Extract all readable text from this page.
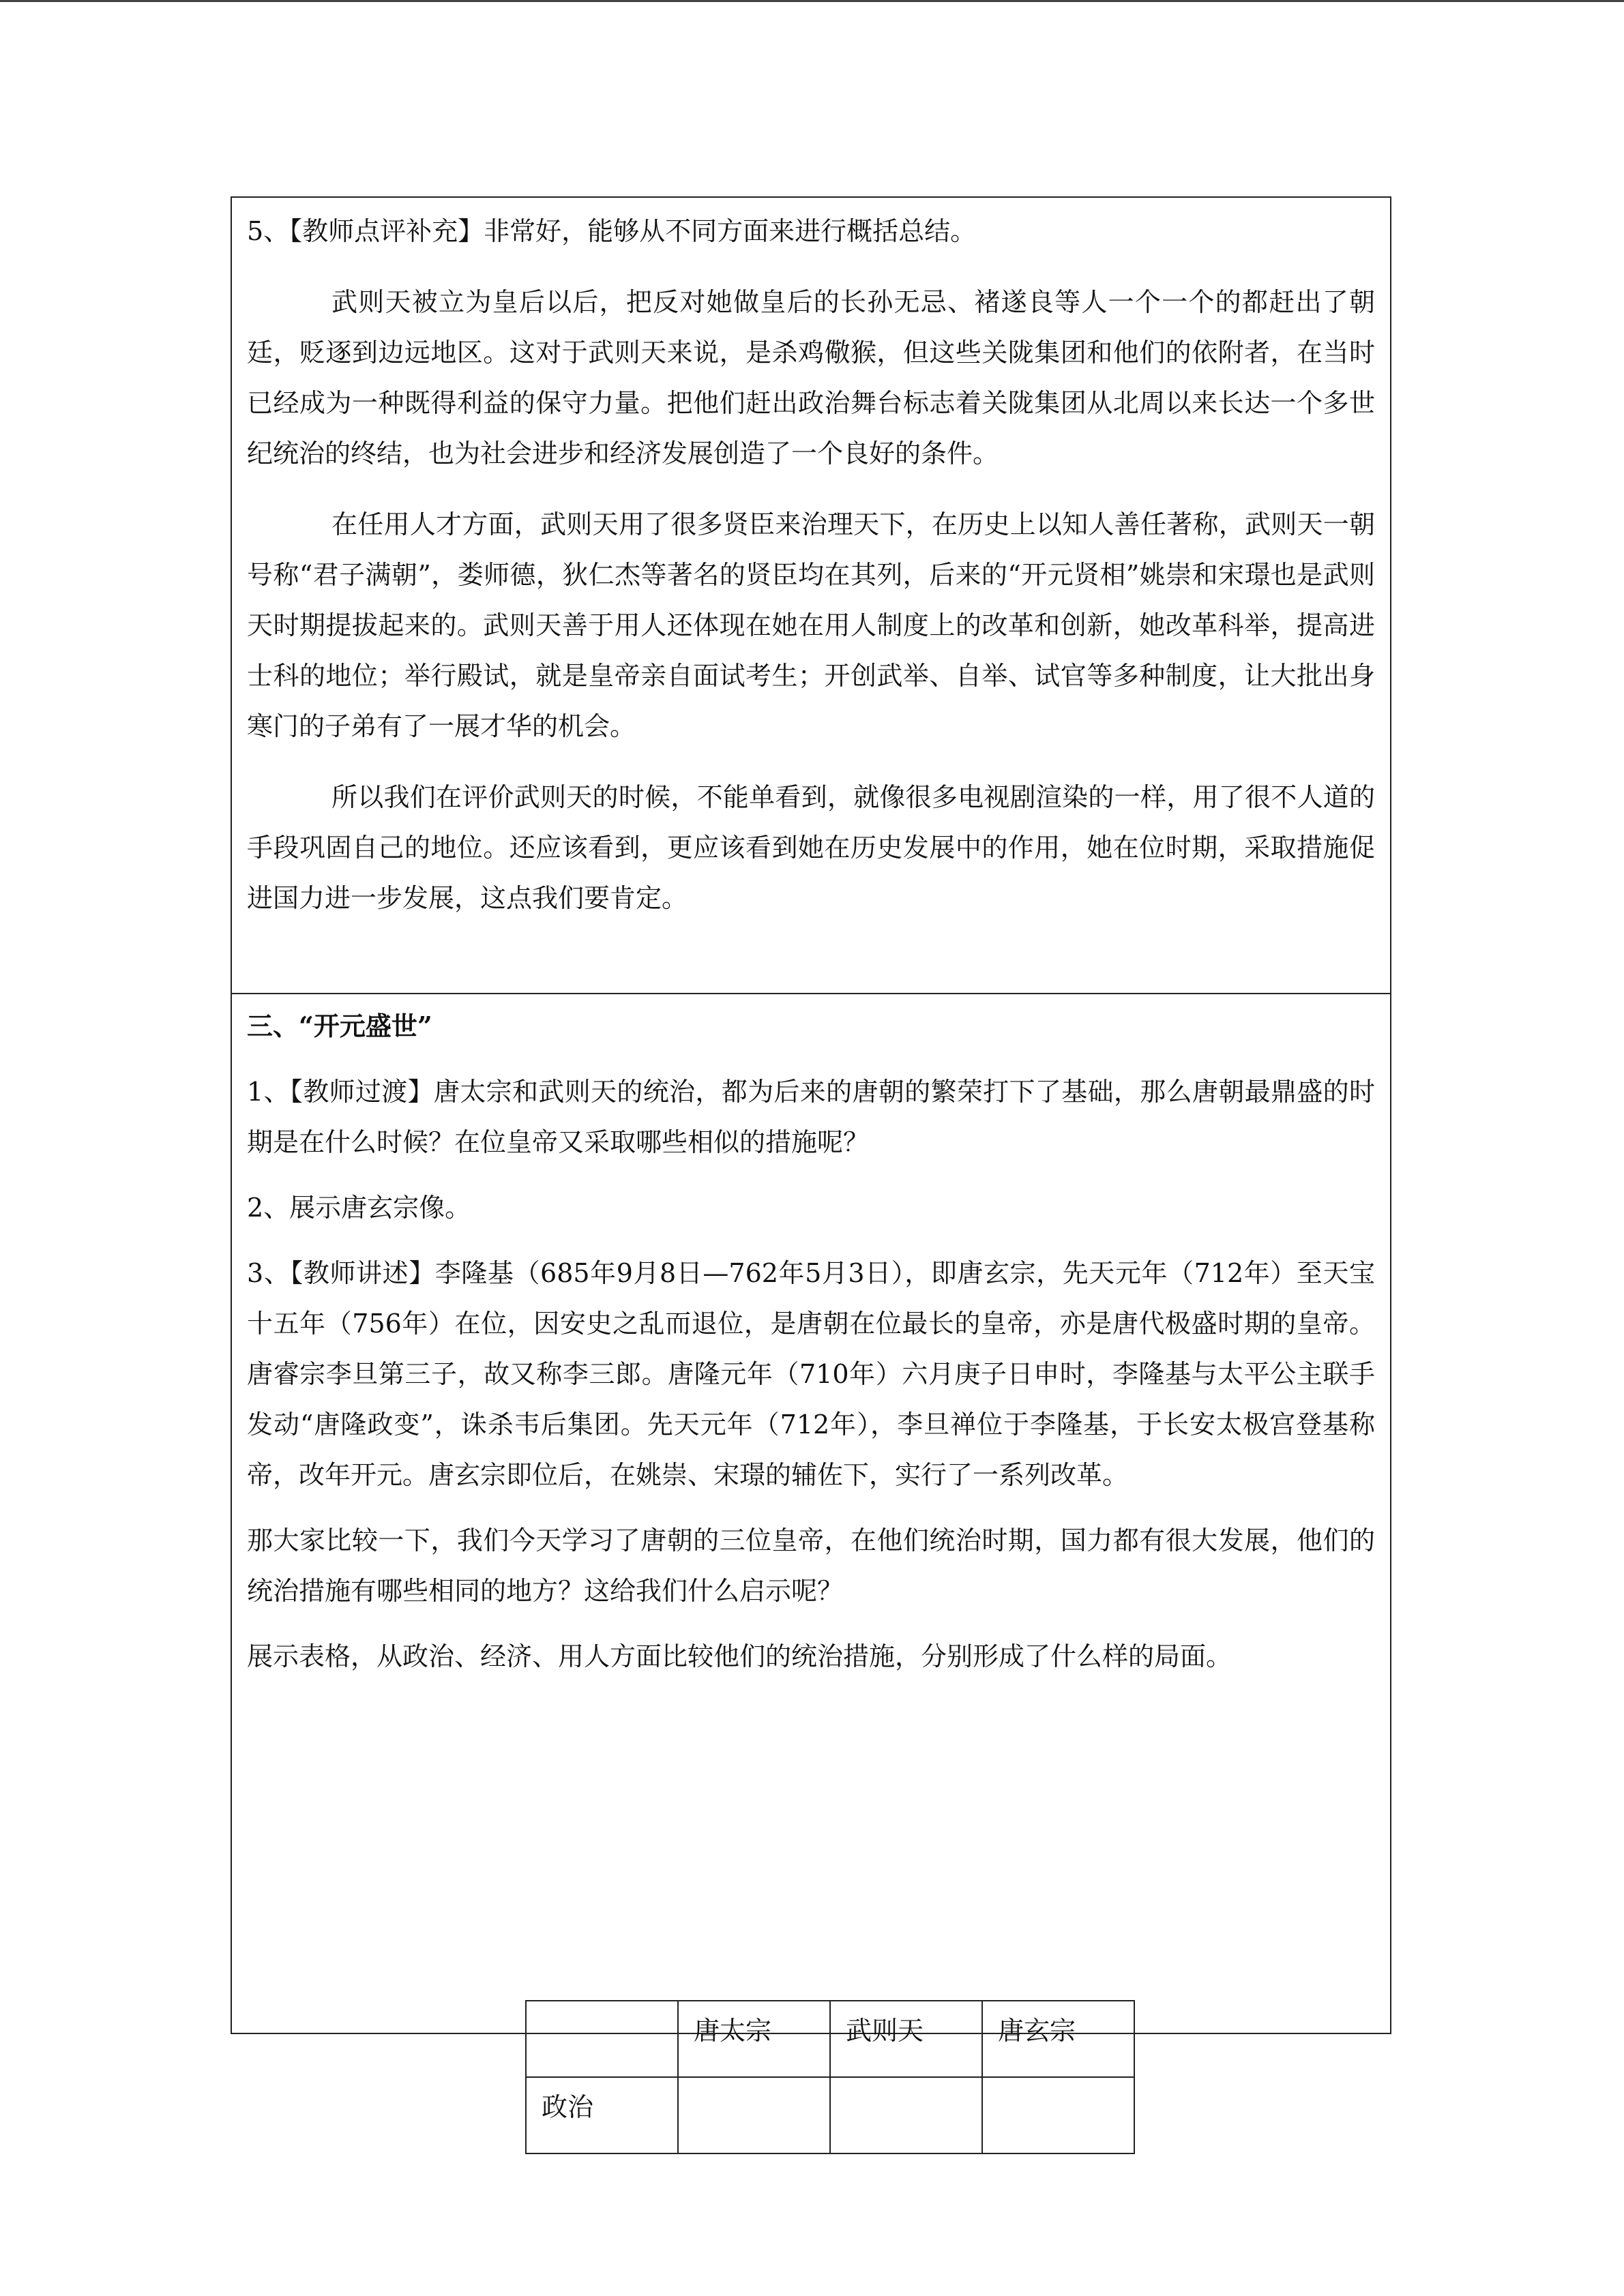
5、【教师点评补充】非常好，能够从不同方面来进行概括总结。

武则天被立为皇后以后，把反对她做皇后的长孙无忌、褚遂良等人一个一个的都赶出了朝廷，贬逐到边远地区。这对于武则天来说，是杀鸡儆猴，但这些关陇集团和他们的依附者，在当时已经成为一种既得利益的保守力量。把他们赶出政治舞台标志着关陇集团从北周以来长达一个多世纪统治的终结，也为社会进步和经济发展创造了一个良好的条件。

在任用人才方面，武则天用了很多贤臣来治理天下，在历史上以知人善任著称，武则天一朝号称“君子满朝”，娄师德，狄仁杰等著名的贤臣均在其列，后来的“开元贤相”姚崇和宋璟也是武则天时期提拔起来的。武则天善于用人还体现在她在用人制度上的改革和创新，她改革科举，提高进士科的地位；举行殿试，就是皇帝亲自面试考生；开创武举、自举、试官等多种制度，让大批出身寒门的子弟有了一展才华的机会。

所以我们在评价武则天的时候，不能单看到，就像很多电视剧渲染的一样，用了很不人道的手段巩固自己的地位。还应该看到，更应该看到她在历史发展中的作用，她在位时期，采取措施促进国力进一步发展，这点我们要肯定。

三、“开元盛世”

1、【教师过渡】唐太宗和武则天的统治，都为后来的唐朝的繁荣打下了基础，那么唐朝最鼎盛的时期是在什么时候？在位皇帝又采取哪些相似的措施呢？

2、展示唐玄宗像。

3、【教师讲述】李隆基（685年9月8日—762年5月3日），即唐玄宗，先天元年（712年）至天宝十五年（756年）在位，因安史之乱而退位，是唐朝在位最长的皇帝，亦是唐代极盛时期的皇帝。唐睿宗李旦第三子，故又称李三郎。唐隆元年（710年）六月庚子日申时，李隆基与太平公主联手发动“唐隆政变”，诛杀韦后集团。先天元年（712年），李旦禅位于李隆基，于长安太极宫登基称帝，改年开元。唐玄宗即位后，在姚崇、宋璟的辅佐下，实行了一系列改革。

那大家比较一下，我们今天学习了唐朝的三位皇帝，在他们统治时期，国力都有很大发展，他们的统治措施有哪些相同的地方？这给我们什么启示呢？

展示表格，从政治、经济、用人方面比较他们的统治措施，分别形成了什么样的局面。

	唐太宗	武则天	唐玄宗
政治			
